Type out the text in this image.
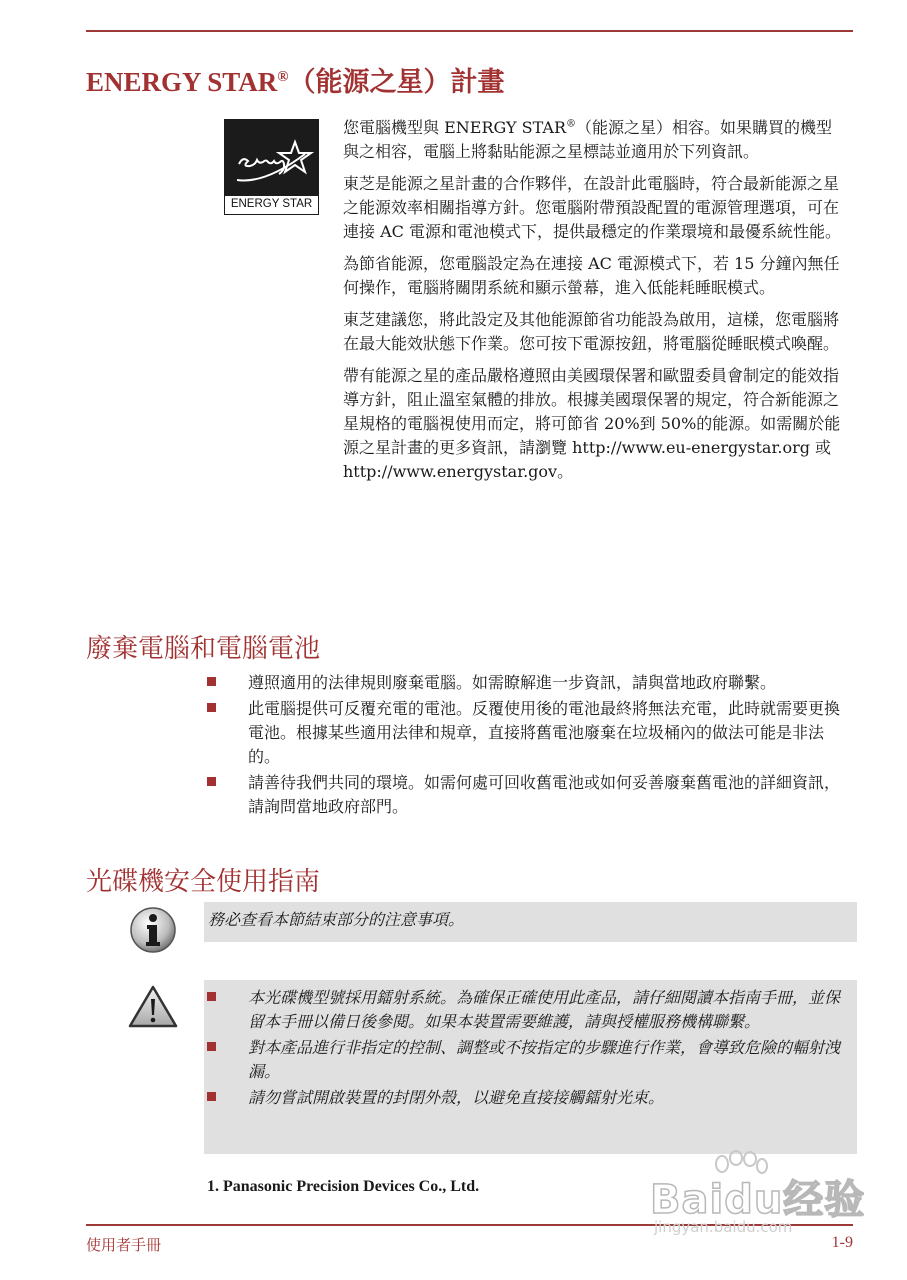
ENERGY STAR®（能源之星）計畫
ENERGY STAR

您電腦機型與 ENERGY STAR®（能源之星）相容。如果購買的機型與之相容，電腦上將黏貼能源之星標誌並適用於下列資訊。

東芝是能源之星計畫的合作夥伴，在設計此電腦時，符合最新能源之星之能源效率相關指導方針。您電腦附帶預設配置的電源管理選項，可在連接 AC 電源和電池模式下，提供最穩定的作業環境和最優系統性能。

為節省能源，您電腦設定為在連接 AC 電源模式下，若 15 分鐘內無任何操作，電腦將關閉系統和顯示螢幕，進入低能耗睡眠模式。

東芝建議您，將此設定及其他能源節省功能設為啟用，這樣，您電腦將在最大能效狀態下作業。您可按下電源按鈕，將電腦從睡眠模式喚醒。

帶有能源之星的產品嚴格遵照由美國環保署和歐盟委員會制定的能效指導方針，阻止溫室氣體的排放。根據美國環保署的規定，符合新能源之星規格的電腦視使用而定，將可節省 20%到 50%的能源。如需關於能源之星計畫的更多資訊，請瀏覽 http://www.eu-energystar.org 或 http://www.energystar.gov。

廢棄電腦和電腦電池
遵照適用的法律規則廢棄電腦。如需瞭解進一步資訊，請與當地政府聯繫。
此電腦提供可反覆充電的電池。反覆使用後的電池最終將無法充電，此時就需要更換電池。根據某些適用法律和規章，直接將舊電池廢棄在垃圾桶內的做法可能是非法的。
請善待我們共同的環境。如需何處可回收舊電池或如何妥善廢棄舊電池的詳細資訊，請詢問當地政府部門。
光碟機安全使用指南
務必查看本節結束部分的注意事項。
本光碟機型號採用鐳射系統。為確保正確使用此產品，請仔細閱讀本指南手冊，並保留本手冊以備日後參閱。如果本裝置需要維護，請與授權服務機構聯繫。
對本產品進行非指定的控制、調整或不按指定的步驟進行作業，會導致危險的輻射洩漏。
請勿嘗試開啟裝置的封閉外殼，以避免直接接觸鐳射光束。
1. Panasonic Precision Devices Co., Ltd.
使用者手冊	1-9
Baidu经验
jingyan.baidu.com
